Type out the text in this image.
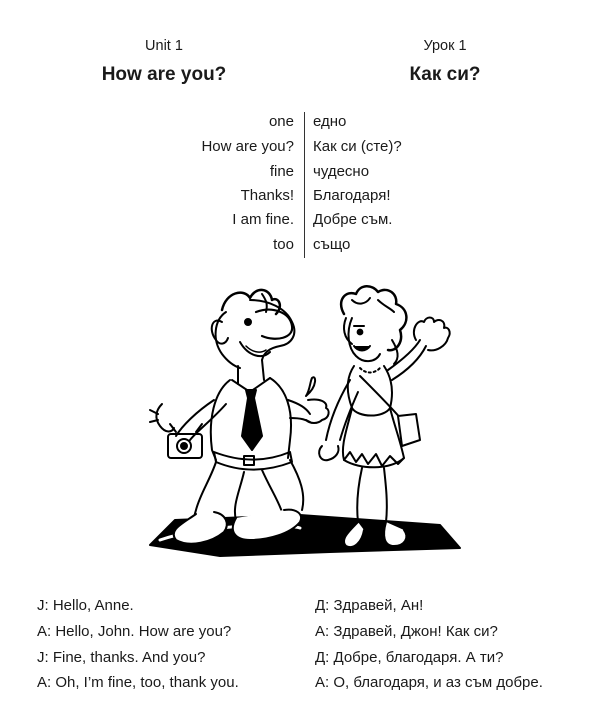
Unit 1
How are you?
Урок 1
Как си?
one едно
How are you? Как си (сте)?
fine чудесно
Thanks! Благодаря!
I am fine. Добре съм.
too също
J: Hello, Anne.
A: Hello, John. How are you?
J: Fine, thanks. And you?
A: Oh, I’m fine, too, thank you.
Д: Здравей, Ан!
А: Здравей, Джон! Как си?
Д: Добре, благодаря. А ти?
А: О, благодаря, и аз съм добре.
